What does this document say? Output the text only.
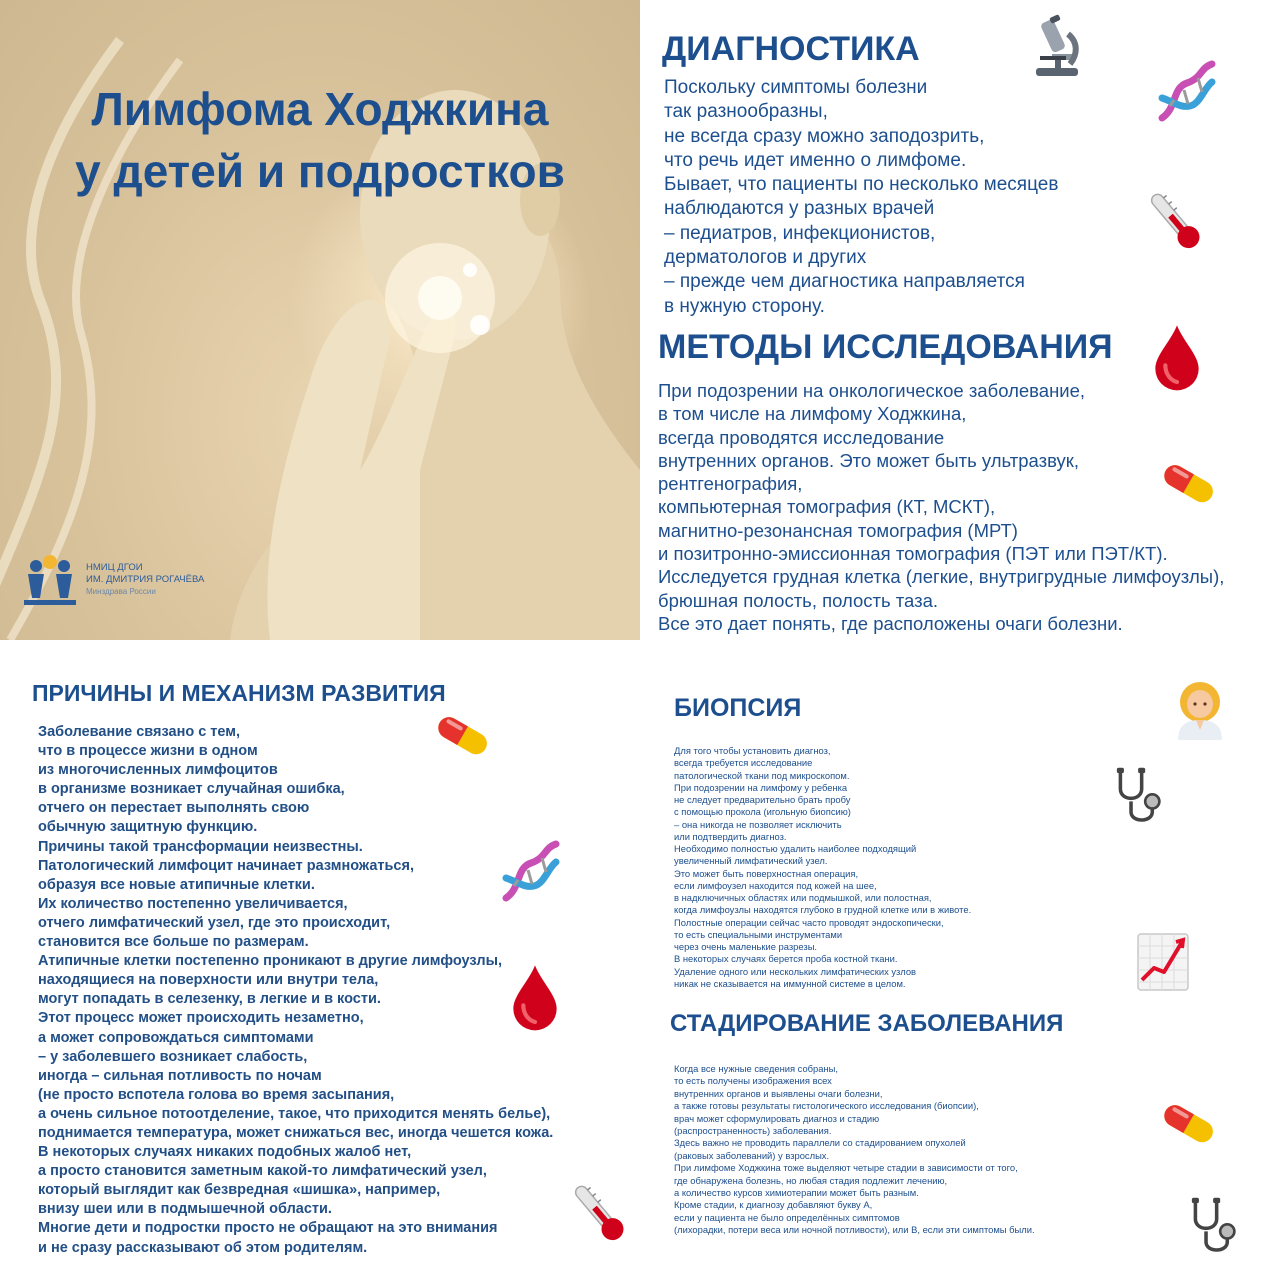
Лимфома Ходжкина
у детей и подростков
НМИЦ ДГОИ
ИМ. ДМИТРИЯ РОГАЧЁВА
Минздрава России
ДИАГНОСТИКА
Поскольку симптомы болезни
так разнообразны,
не всегда сразу можно заподозрить,
что речь идет именно о лимфоме.
Бывает, что пациенты по несколько месяцев
наблюдаются у разных врачей
– педиатров, инфекционистов,
дерматологов и других
– прежде чем диагностика направляется
в нужную сторону.
МЕТОДЫ ИССЛЕДОВАНИЯ
При подозрении на онкологическое заболевание,
в том числе на лимфому Ходжкина,
всегда проводятся исследование
внутренних органов. Это может быть ультразвук,
рентгенография,
компьютерная томография (КТ, МСКТ),
магнитно-резонансная томография (МРТ)
и позитронно-эмиссионная томография (ПЭТ или ПЭТ/КТ).
Исследуется грудная клетка (легкие, внутригрудные лимфоузлы),
брюшная полость, полость таза.
Все это дает понять, где расположены очаги болезни.
ПРИЧИНЫ И МЕХАНИЗМ РАЗВИТИЯ
Заболевание связано с тем,
что в процессе жизни в одном
из многочисленных лимфоцитов
в организме возникает случайная ошибка,
отчего он перестает выполнять свою
обычную защитную функцию.
Причины такой трансформации неизвестны.
Патологический лимфоцит начинает размножаться,
образуя все новые атипичные клетки.
Их количество постепенно увеличивается,
отчего лимфатический узел, где это происходит,
становится все больше по размерам.
Атипичные клетки постепенно проникают в другие лимфоузлы,
находящиеся на поверхности или внутри тела,
могут попадать в селезенку, в легкие и в кости.
Этот процесс может происходить незаметно,
а может сопровождаться симптомами
– у заболевшего возникает слабость,
иногда – сильная потливость по ночам
(не просто вспотела голова во время засыпания,
а очень сильное потоотделение, такое, что приходится менять белье),
поднимается температура, может снижаться вес, иногда чешется кожа.
В некоторых случаях никаких подобных жалоб нет,
а просто становится заметным какой-то лимфатический узел,
который выглядит как безвредная «шишка», например,
внизу шеи или в подмышечной области.
Многие дети и подростки просто не обращают на это внимания
и не сразу рассказывают об этом родителям.
БИОПСИЯ
Для того чтобы установить диагноз,
всегда требуется исследование
патологической ткани под микроскопом.
При подозрении на лимфому у ребенка
не следует предварительно брать пробу
с помощью прокола (игольную биопсию)
– она никогда не позволяет исключить
или подтвердить диагноз.
Необходимо полностью удалить наиболее подходящий
увеличенный лимфатический узел.
Это может быть поверхностная операция,
если лимфоузел находится под кожей на шее,
в надключичных областях или подмышкой, или полостная,
когда лимфоузлы находятся глубоко в грудной клетке или в животе.
Полостные операции сейчас часто проводят эндоскопически,
то есть специальными инструментами
через очень маленькие разрезы.
В некоторых случаях берется проба костной ткани.
Удаление одного или нескольких лимфатических узлов
никак не сказывается на иммунной системе в целом.
СТАДИРОВАНИЕ ЗАБОЛЕВАНИЯ
Когда все нужные сведения собраны,
то есть получены изображения всех
внутренних органов и выявлены очаги болезни,
а также готовы результаты гистологического исследования (биопсии),
врач может сформулировать диагноз и стадию
(распространенность) заболевания.
Здесь важно не проводить параллели со стадированием опухолей
(раковых заболеваний) у взрослых.
При лимфоме Ходжкина тоже выделяют четыре стадии в зависимости от того,
где обнаружена болезнь, но любая стадия подлежит лечению,
а количество курсов химиотерапии может быть разным.
Кроме стадии, к диагнозу добавляют букву А,
если у пациента не было определённых симптомов
(лихорадки, потери веса или ночной потливости), или В, если эти симптомы были.
